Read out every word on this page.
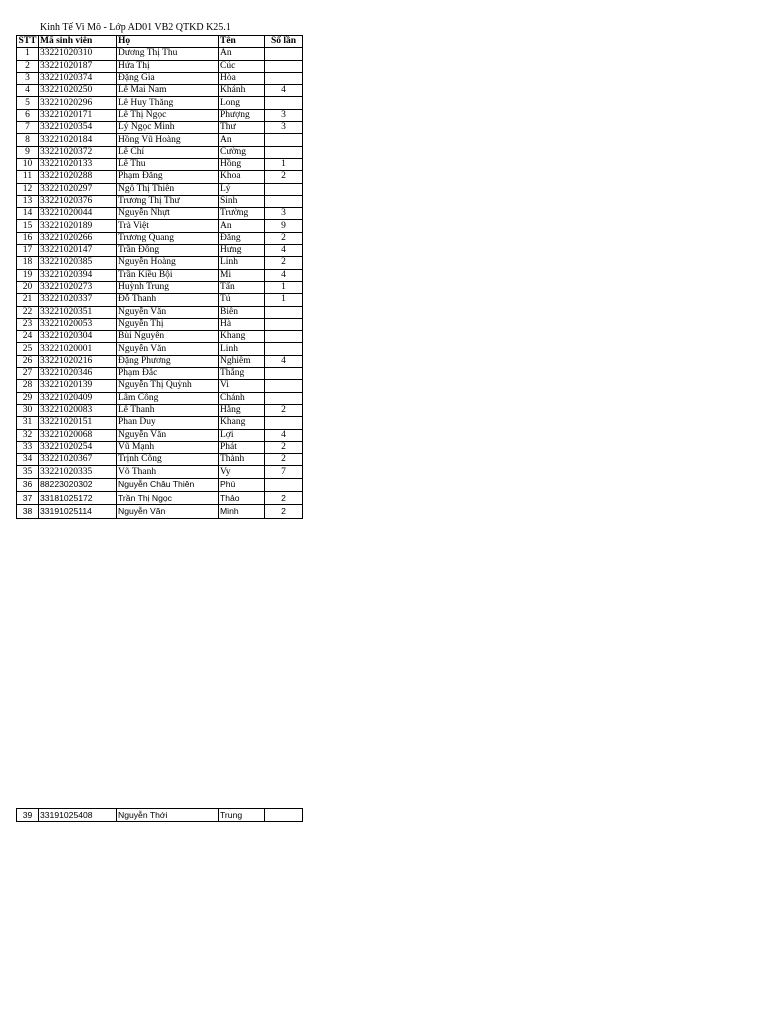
Kinh Tế Vi Mô - Lớp AD01 VB2 QTKD K25.1
STT	Mã sinh viên	Họ	Tên	Số lần
1	33221020310	Dương Thị Thu	An	
2	33221020187	Hứa Thị	Cúc	
3	33221020374	Đặng Gia	Hòa	
4	33221020250	Lê Mai Nam	Khánh	4
5	33221020296	Lê Huy Thăng	Long	
6	33221020171	Lê Thị Ngọc	Phượng	3
7	33221020354	Lý Ngọc Minh	Thư	3
8	33221020184	Hồng Vũ Hoàng	An	
9	33221020372	Lê Chí	Cường	
10	33221020133	Lê Thu	Hồng	1
11	33221020288	Phạm Đăng	Khoa	2
12	33221020297	Ngô Thị Thiên	Lý	
13	33221020376	Trương Thị Thư	Sinh	
14	33221020044	Nguyễn Nhựt	Trường	3
15	33221020189	Trà Việt	An	9
16	33221020266	Trương Quang	Đăng	2
17	33221020147	Trần Đông	Hưng	4
18	33221020385	Nguyễn Hoàng	Linh	2
19	33221020394	Trần Kiều Bội	Mi	4
20	33221020273	Huỳnh Trung	Tấn	1
21	33221020337	Đỗ Thanh	Tú	1
22	33221020351	Nguyễn Văn	Biên	
23	33221020053	Nguyễn Thị	Hà	
24	33221020304	Bùi Nguyên	Khang	
25	33221020001	Nguyễn Văn	Linh	
26	33221020216	Đặng Phương	Nghiêm	4
27	33221020346	Phạm Đắc	Thắng	
28	33221020139	Nguyễn Thị Quỳnh	Vi	
29	33221020409	Lâm Công	Chánh	
30	33221020083	Lê Thanh	Hằng	2
31	33221020151	Phan Duy	Khang	
32	33221020068	Nguyễn Văn	Lợi	4
33	33221020254	Vũ Mạnh	Phát	2
34	33221020367	Trịnh Công	Thành	2
35	33221020335	Võ Thanh	Vy	7
36	88223020302	Nguyễn Châu Thiên	Phú	
37	33181025172	Trần Thị Ngọc	Thảo	2
38	33191025114	Nguyễn Văn	Minh	2
39	33191025408	Nguyễn Thới	Trung	
